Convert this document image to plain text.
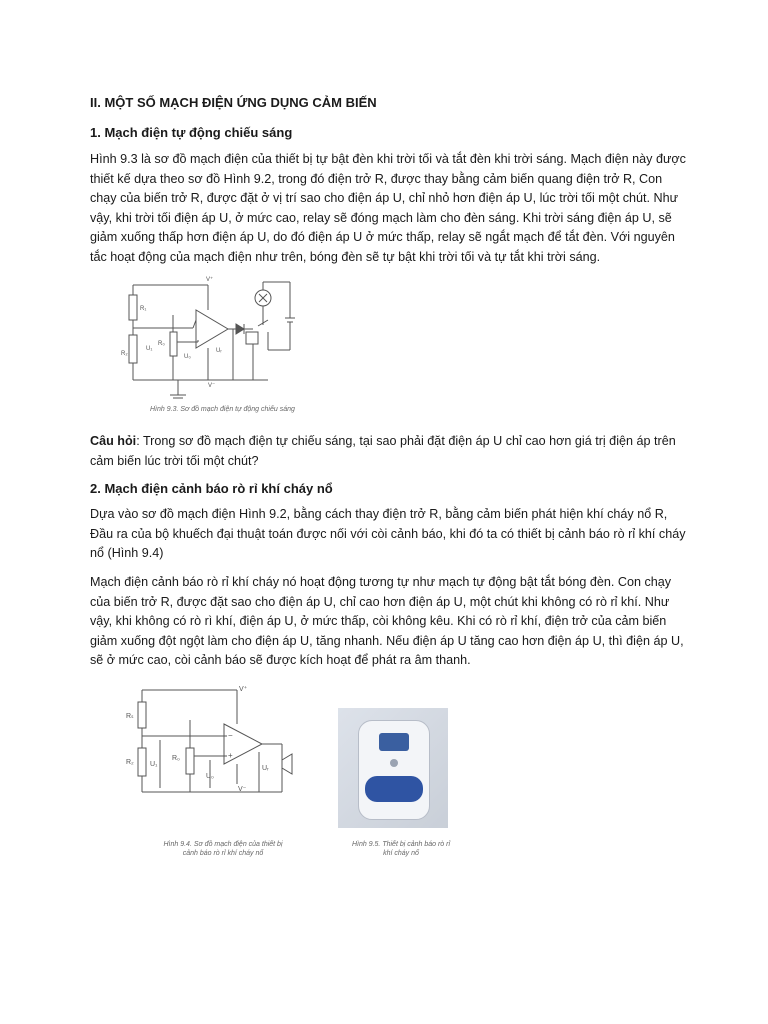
II. MỘT SỐ MẠCH ĐIỆN ỨNG DỤNG CẢM BIẾN
1. Mạch điện tự động chiếu sáng

Hình 9.3 là sơ đồ mạch điện của thiết bị tự bật đèn khi trời tối và tắt đèn khi trời sáng. Mạch điện này được thiết kế dựa theo sơ đồ Hình 9.2, trong đó điện trở R, được thay bằng cảm biến quang điện trở R, Con chạy của biến trở R, được đặt ở vị trí sao cho điện áp U, chỉ nhỏ hơn điện áp U, lúc trời tối một chút. Như vậy, khi trời tối điện áp U, ở mức cao, relay sẽ đóng mạch làm cho đèn sáng. Khi trời sáng điện áp U, sẽ giảm xuống thấp hơn điện áp U, do đó điện áp U ở mức thấp, relay sẽ ngắt mạch để tắt đèn. Với nguyên tắc hoạt động của mạch điện như trên, bóng đèn sẽ tự bật khi trời tối và tự tắt khi trời sáng.

V⁺
V⁻
R₁
R₂
R₀
U₁	Uᵣ
U₀
Hình 9.3. Sơ đồ mạch điện tự động chiếu sáng

Câu hỏi: Trong sơ đồ mạch điện tự chiếu sáng, tại sao phải đặt điện áp U chỉ cao hơn giá trị điện áp trên cảm biến lúc trời tối một chút?

2. Mạch điện cảnh báo rò rỉ khí cháy nổ

Dựa vào sơ đồ mạch điện Hình 9.2, bằng cách thay điện trở R, bằng cảm biến phát hiện khí cháy nổ R, Đầu ra của bộ khuếch đại thuật toán được nối với còi cảnh báo, khi đó ta có thiết bị cảnh báo rò rỉ khí cháy nổ (Hình 9.4)

Mạch điện cảnh báo rò rỉ khí cháy nó hoạt động tương tự như mạch tự động bật tắt bóng đèn. Con chạy của biến trở R, được đặt sao cho điện áp U, chỉ cao hơn điện áp U, một chút khi không có rò rỉ khí. Như vậy, khi không có rò rì khí, điện áp U, ở mức thấp, còi không kêu. Khi có rò rỉ khí, điện trở của cảm biến giảm xuống đột ngột làm cho điện áp U, tăng nhanh. Nếu điện áp U tăng cao hơn điện áp U, thì điện áp U, sẽ ở mức cao, còi cảnh báo sẽ được kích hoạt để phát ra âm thanh.

V⁺
V⁻
−
+
Rₛ
R₂
R₀
U₁
U₀
Uᵣ
Hình 9.4. Sơ đồ mạch điện của thiết bị
cảnh báo rò rỉ khí cháy nổ
Hình 9.5. Thiết bị cảnh báo rò rỉ
khí cháy nổ
